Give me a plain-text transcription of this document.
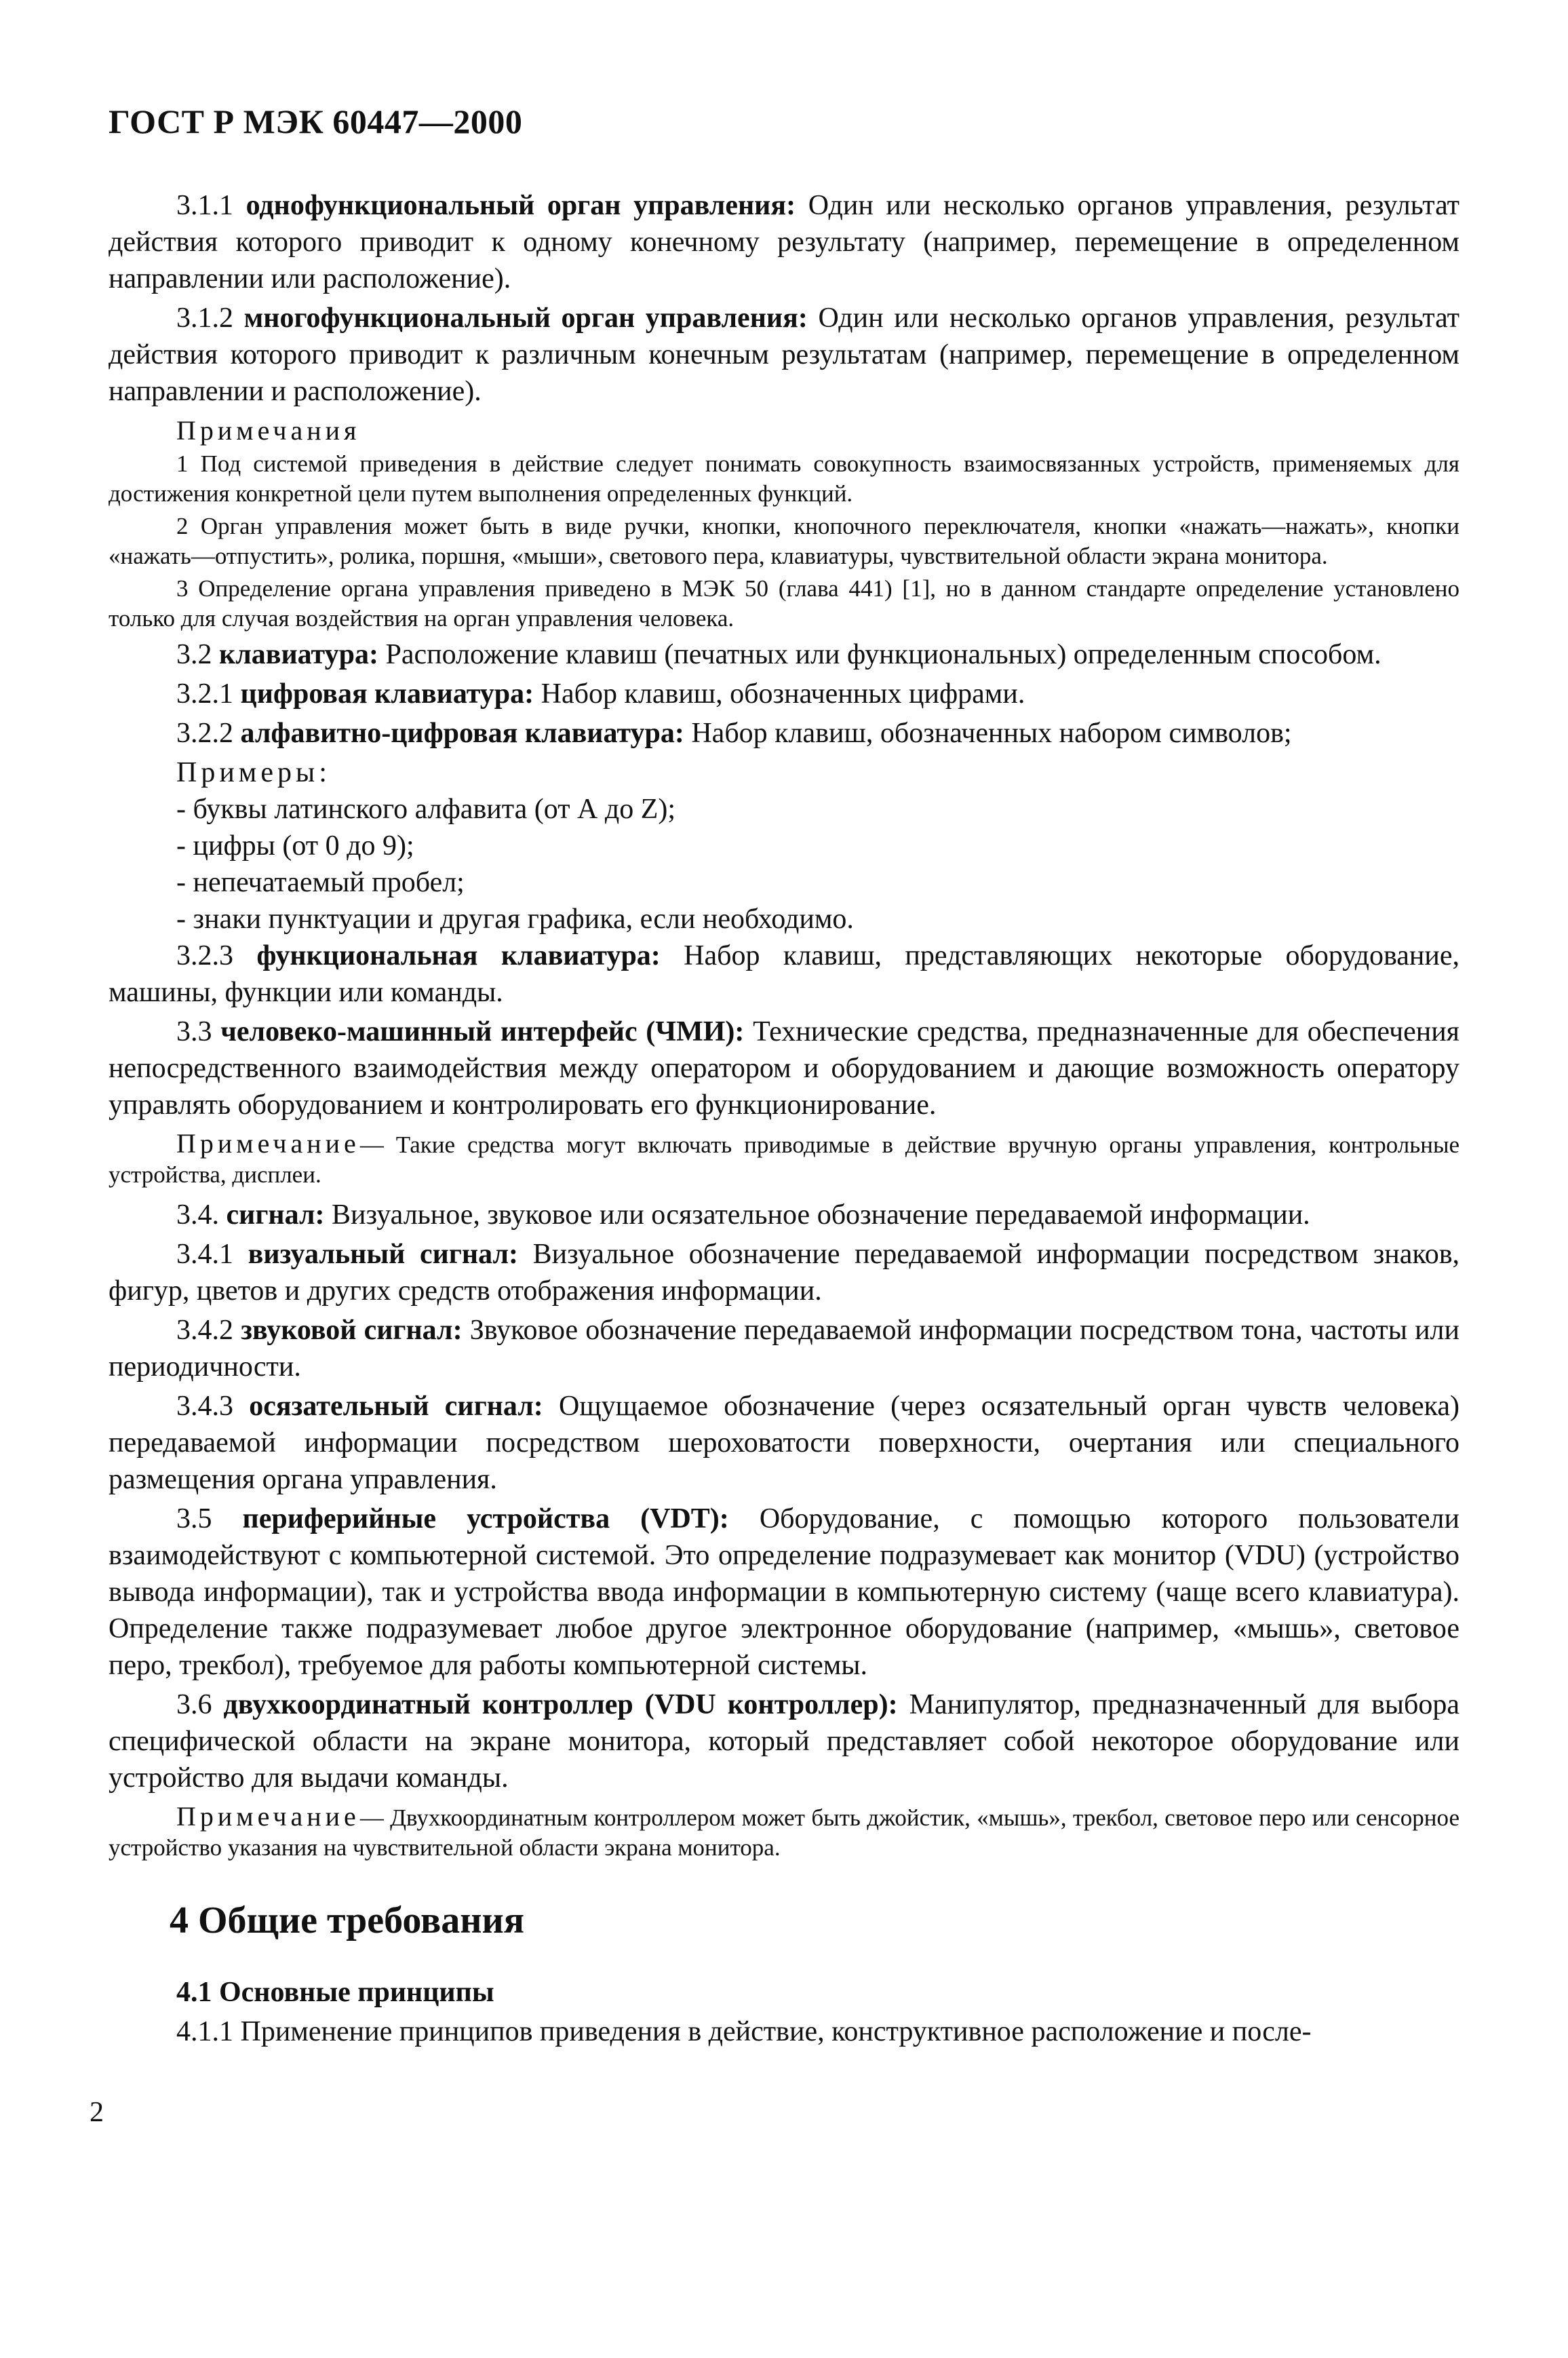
ГОСТ Р МЭК 60447—2000

3.1.1 однофункциональный орган управления: Один или несколько органов управления, результат действия которого приводит к одному конечному результату (например, перемещение в определенном направлении или расположение).

3.1.2 многофункциональный орган управления: Один или несколько органов управления, результат действия которого приводит к различным конечным результатам (например, перемещение в определенном направлении и расположение).

Примечания

1 Под системой приведения в действие следует понимать совокупность взаимосвязанных устройств, применяемых для достижения конкретной цели путем выполнения определенных функций.

2 Орган управления может быть в виде ручки, кнопки, кнопочного переключателя, кнопки «нажать—нажать», кнопки «нажать—отпустить», ролика, поршня, «мыши», светового пера, клавиатуры, чувствительной области экрана монитора.

3 Определение органа управления приведено в МЭК 50 (глава 441) [1], но в данном стандарте определение установлено только для случая воздействия на орган управления человека.

3.2 клавиатура: Расположение клавиш (печатных или функциональных) определенным способом.

3.2.1 цифровая клавиатура: Набор клавиш, обозначенных цифрами.

3.2.2 алфавитно-цифровая клавиатура: Набор клавиш, обозначенных набором символов;

Примеры:

- буквы латинского алфавита (от А до Z);

- цифры (от 0 до 9);

- непечатаемый пробел;

- знаки пунктуации и другая графика, если необходимо.

3.2.3 функциональная клавиатура: Набор клавиш, представляющих некоторые оборудование, машины, функции или команды.

3.3 человеко-машинный интерфейс (ЧМИ): Технические средства, предназначенные для обеспечения непосредственного взаимодействия между оператором и оборудованием и дающие возможность оператору управлять оборудованием и контролировать его функционирование.

Примечание— Такие средства могут включать приводимые в действие вручную органы управления, контрольные устройства, дисплеи.

3.4. сигнал: Визуальное, звуковое или осязательное обозначение передаваемой информации.

3.4.1 визуальный сигнал: Визуальное обозначение передаваемой информации посредством знаков, фигур, цветов и других средств отображения информации.

3.4.2 звуковой сигнал: Звуковое обозначение передаваемой информации посредством тона, частоты или периодичности.

3.4.3 осязательный сигнал: Ощущаемое обозначение (через осязательный орган чувств человека) передаваемой информации посредством шероховатости поверхности, очертания или специального размещения органа управления.

3.5 периферийные устройства (VDT): Оборудование, с помощью которого пользователи взаимодействуют с компьютерной системой. Это определение подразумевает как монитор (VDU) (устройство вывода информации), так и устройства ввода информации в компьютерную систему (чаще всего клавиатура). Определение также подразумевает любое другое электронное оборудование (например, «мышь», световое перо, трекбол), требуемое для работы компьютерной системы.

3.6 двухкоординатный контроллер (VDU контроллер): Манипулятор, предназначенный для выбора специфической области на экране монитора, который представляет собой некоторое оборудование или устройство для выдачи команды.

Примечание— Двухкоординатным контроллером может быть джойстик, «мышь», трекбол, световое перо или сенсорное устройство указания на чувствительной области экрана монитора.

4 Общие требования

4.1 Основные принципы

4.1.1 Применение принципов приведения в действие, конструктивное расположение и после-

2
